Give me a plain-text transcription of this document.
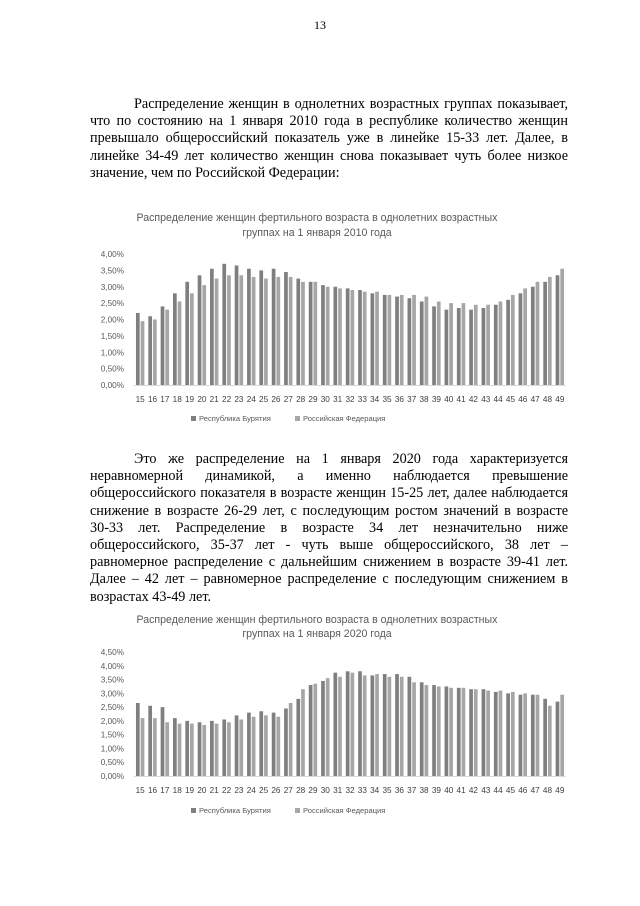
13

Распределение женщин в однолетних возрастных группах показывает, что по состоянию на 1 января 2010 года в республике количество женщин превышало общероссийский показатель уже в линейке 15-33 лет. Далее, в линейке 34-49 лет количество женщин снова показывает чуть более низкое значение, чем по Российской Федерации:

Распределение женщин фертильного возраста в однолетних возрастных
группах на 1 января 2010 года
0,00%
0,50%
1,00%
1,50%
2,00%
2,50%
3,00%
3,50%
4,00%
15 16 17 18 19 20 21 22 23 24 25 26 27 28 29 30 31 32 33 34 35 36 37 38 39 40 41 42 43 44 45 46 47 48 49
Республика Бурятия	Российская Федерация

Это же распределение на 1 января 2020 года характеризуется неравномерной динамикой, а именно наблюдается превышение общероссийского показателя в возрасте женщин 15-25 лет, далее наблюдается снижение в возрасте 26-29 лет, с последующим ростом значений в возрасте 30-33 лет. Распределение в возрасте 34 лет незначительно ниже общероссийского, 35-37 лет - чуть выше общероссийского, 38 лет – равномерное распределение с дальнейшим снижением в возрасте 39-41 лет. Далее – 42 лет – равномерное распределение с последующим снижением в возрастах 43-49 лет.

Распределение женщин фертильного возраста в однолетних возрастных
группах на 1 января 2020 года
0,00%
0,50%
1,00%
1,50%
2,00%
2,50%
3,00%
3,50%
4,00%
4,50%
15 16 17 18 19 20 21 22 23 24 25 26 27 28 29 30 31 32 33 34 35 36 37 38 39 40 41 42 43 44 45 46 47 48 49
Республика Бурятия	Российская Федерация
